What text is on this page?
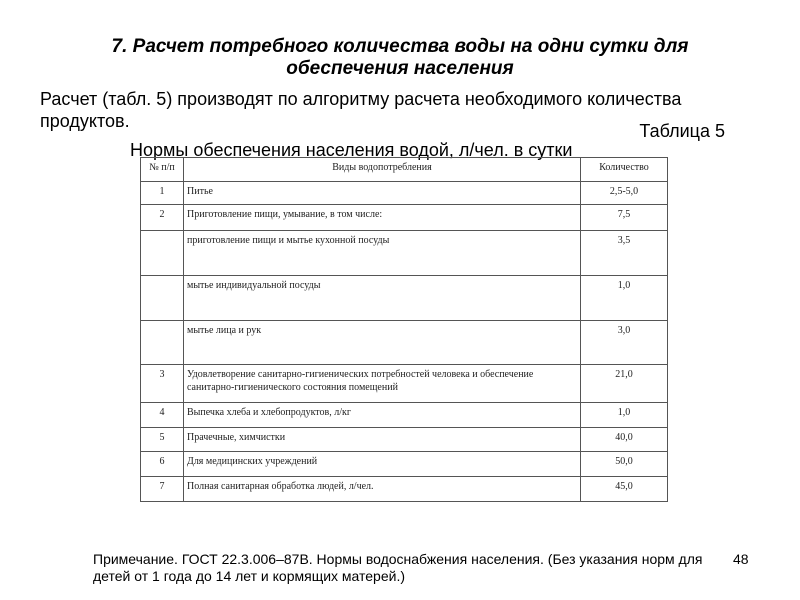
7. Расчет потребного количества воды на одни сутки для обеспечения населения
Расчет (табл. 5) производят по алгоритму расчета необходимого количества продуктов.	Таблица 5
Нормы обеспечения населения водой, л/чел. в сутки
№ п/п	Виды водопотребления	Количество
1	Питье	2,5-5,0
2	Приготовление пищи, умывание, в том числе:	7,5
	приготовление пищи и мытье кухонной посуды	3,5
	мытье индивидуальной посуды	1,0
	мытье лица и рук	3,0
3	Удовлетворение санитарно-гигиенических потребностей человека и обеспечение санитарно-гигиенического состояния помещений	21,0
4	Выпечка хлеба и хлебопродуктов, л/кг	1,0
5	Прачечные, химчистки	40,0
6	Для медицинских учреждений	50,0
7	Полная санитарная обработка людей, л/чел.	45,0
Примечание. ГОСТ 22.3.006–87В. Нормы водоснабжения населения. (Без указания норм для детей от 1 года до 14 лет и кормящих матерей.)
48
